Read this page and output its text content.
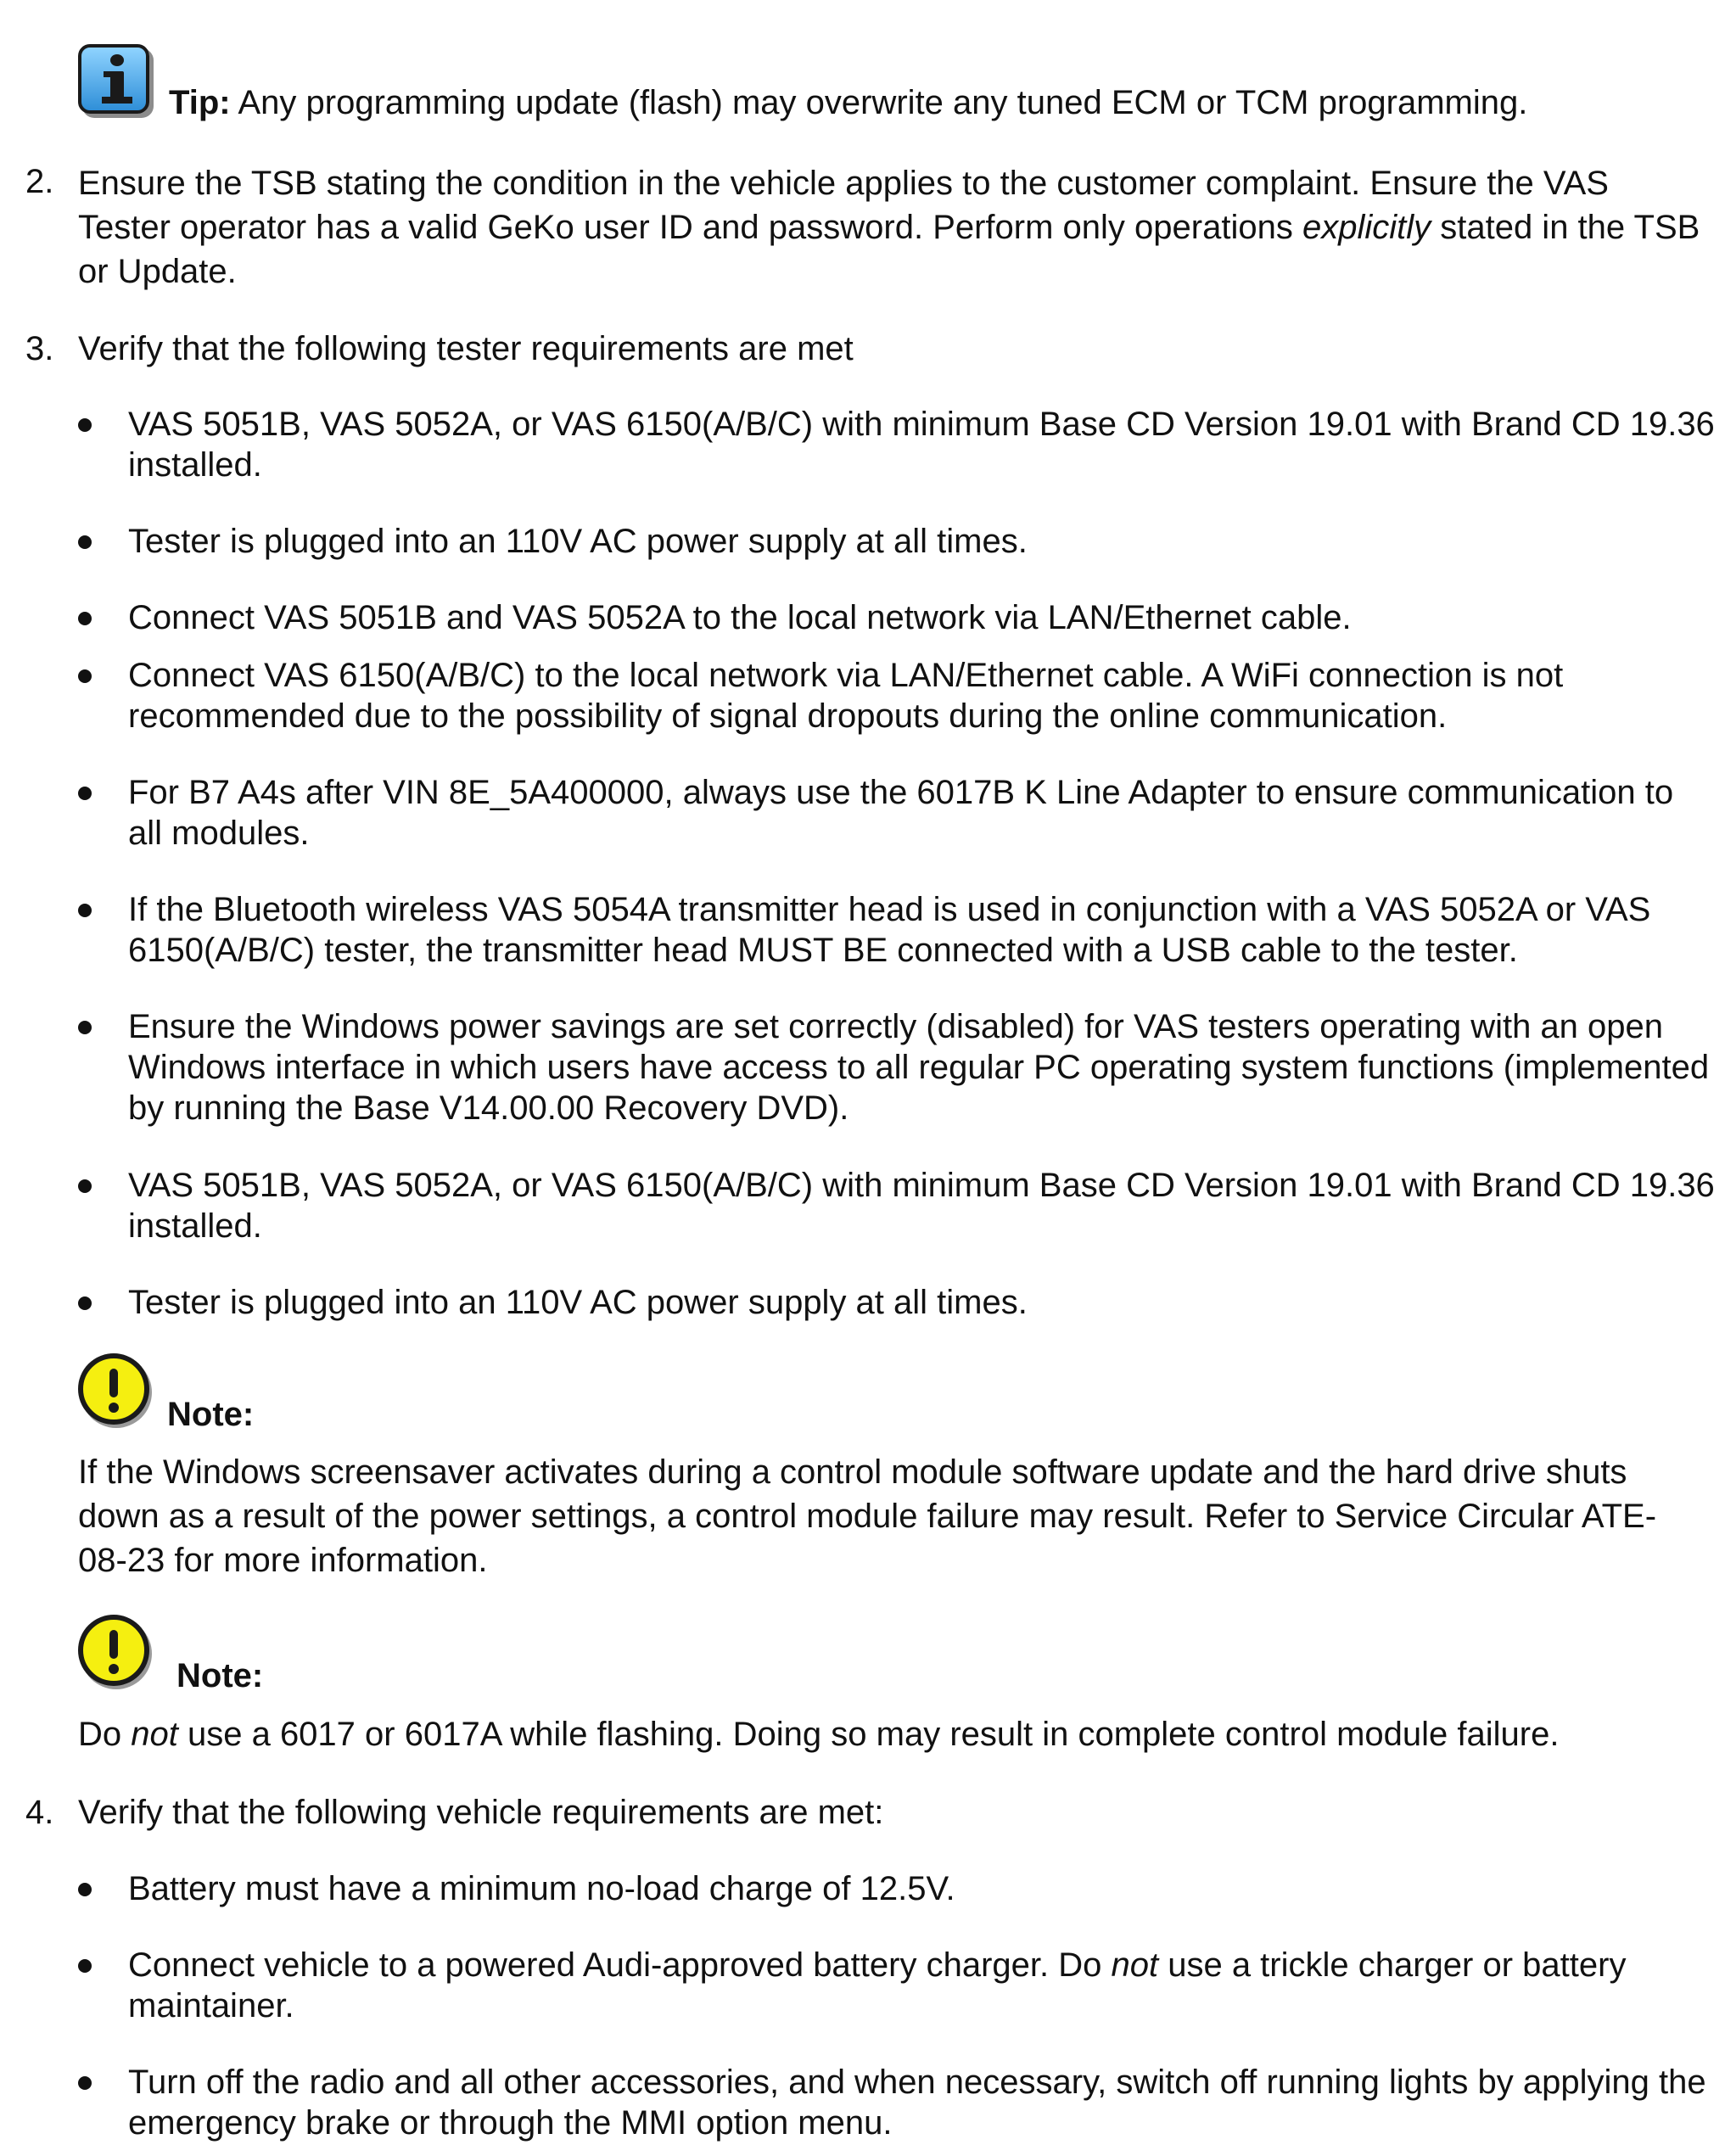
Tip: Any programming update (flash) may overwrite any tuned ECM or TCM programming.
2. Ensure the TSB stating the condition in the vehicle applies to the customer complaint. Ensure the VAS Tester operator has a valid GeKo user ID and password. Perform only operations explicitly stated in the TSB or Update.
3. Verify that the following tester requirements are met
VAS 5051B, VAS 5052A, or VAS 6150(A/B/C) with minimum Base CD Version 19.01 with Brand CD 19.36 installed.
Tester is plugged into an 110V AC power supply at all times.
Connect VAS 5051B and VAS 5052A to the local network via LAN/Ethernet cable.
Connect VAS 6150(A/B/C) to the local network via LAN/Ethernet cable. A WiFi connection is not recommended due to the possibility of signal dropouts during the online communication.
For B7 A4s after VIN 8E_5A400000, always use the 6017B K Line Adapter to ensure communication to all modules.
If the Bluetooth wireless VAS 5054A transmitter head is used in conjunction with a VAS 5052A or VAS 6150(A/B/C) tester, the transmitter head MUST BE connected with a USB cable to the tester.
Ensure the Windows power savings are set correctly (disabled) for VAS testers operating with an open Windows interface in which users have access to all regular PC operating system functions (implemented by running the Base V14.00.00 Recovery DVD).
VAS 5051B, VAS 5052A, or VAS 6150(A/B/C) with minimum Base CD Version 19.01 with Brand CD 19.36 installed.
Tester is plugged into an 110V AC power supply at all times.
Note:
If the Windows screensaver activates during a control module software update and the hard drive shuts down as a result of the power settings, a control module failure may result. Refer to Service Circular ATE-08-23 for more information.
Note:
Do not use a 6017 or 6017A while flashing. Doing so may result in complete control module failure.
4. Verify that the following vehicle requirements are met:
Battery must have a minimum no-load charge of 12.5V.
Connect vehicle to a powered Audi-approved battery charger. Do not use a trickle charger or battery maintainer.
Turn off the radio and all other accessories, and when necessary, switch off running lights by applying the emergency brake or through the MMI option menu.
